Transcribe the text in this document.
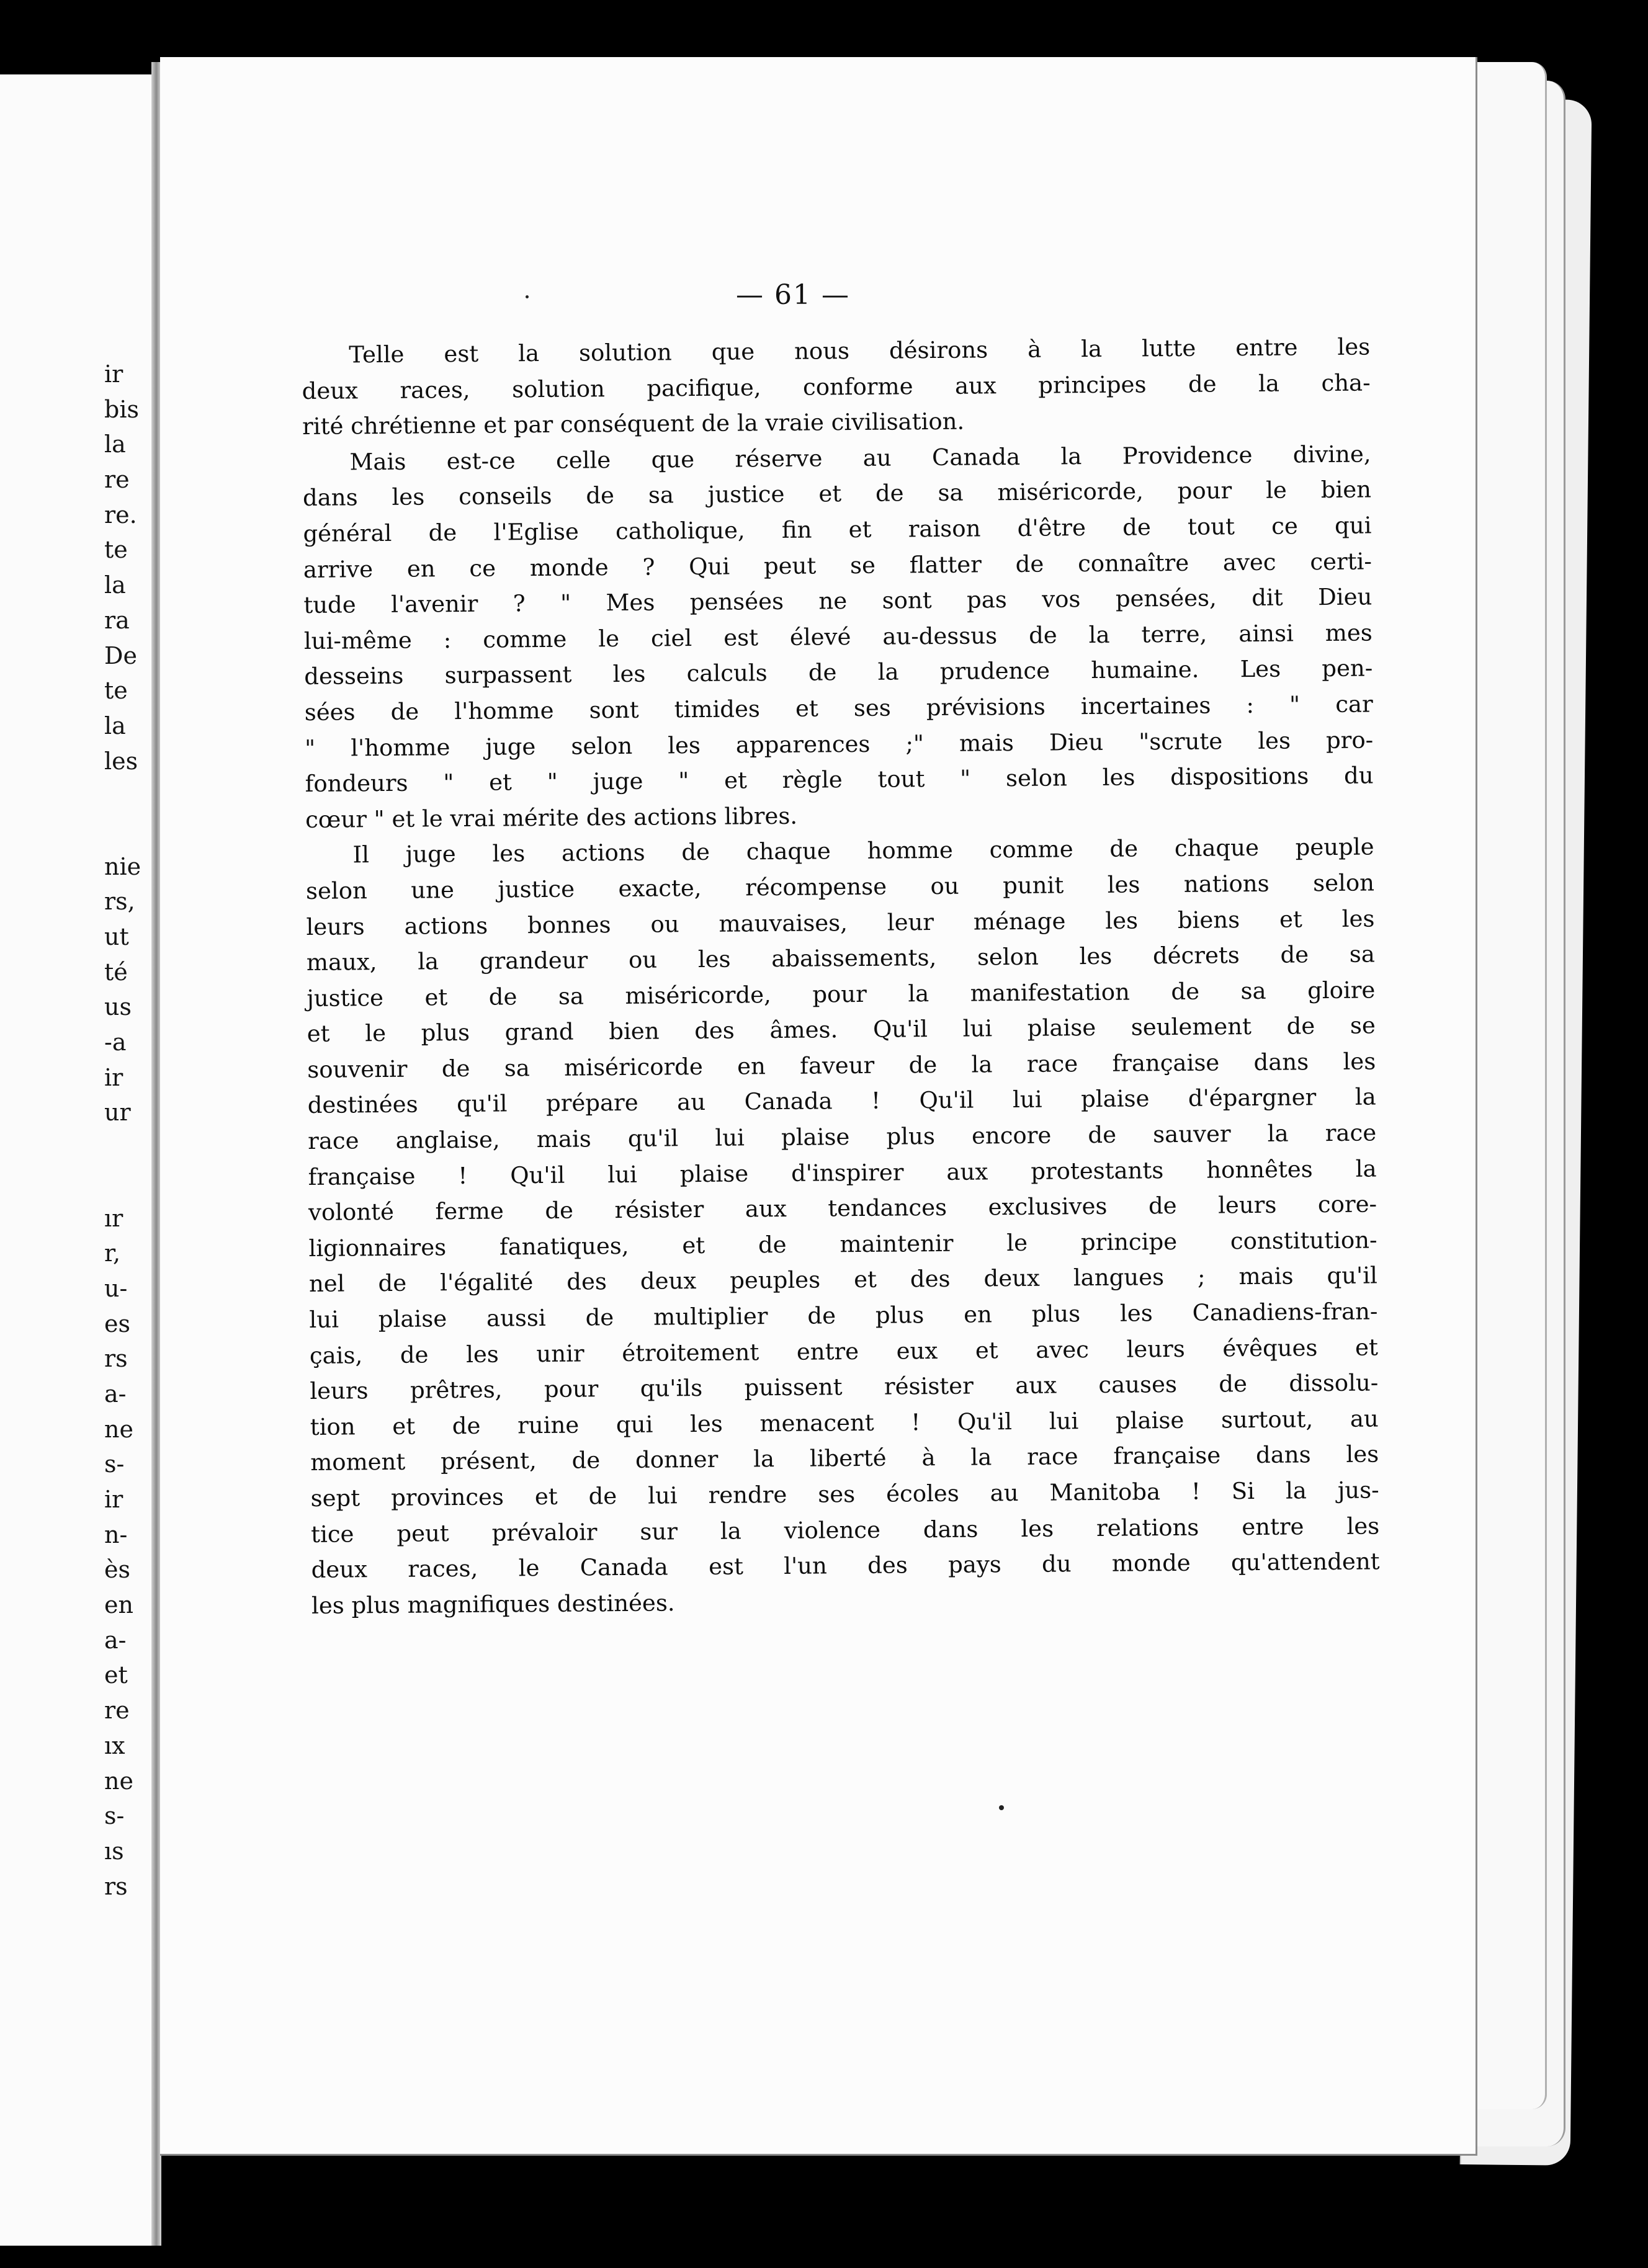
ir
bis
la
re
re.
te
la
ra
De
te
la
les
nie
rs,
ut
té
us
-a
ir
ur
ır
r,
u-
es
rs
a-
ne
s-
ir
n-
ès
en
a-
et
re
ıx
ne
s-
ıs
rs
— 61 —
Telle est la solution que nous désirons à la lutte entre les
deux races, solution pacifique, conforme aux principes de la cha-
rité chrétienne et par conséquent de la vraie civilisation.
Mais est-ce celle que réserve au Canada la Providence divine,
dans les conseils de sa justice et de sa miséricorde, pour le bien
général de l'Eglise catholique, fin et raison d'être de tout ce qui
arrive en ce monde ? Qui peut se flatter de connaître avec certi-
tude l'avenir ? " Mes pensées ne sont pas vos pensées, dit Dieu
lui-même : comme le ciel est élevé au-dessus de la terre, ainsi mes
desseins surpassent les calculs de la prudence humaine. Les pen-
sées de l'homme sont timides et ses prévisions incertaines : " car
" l'homme juge selon les apparences ;" mais Dieu "scrute les pro-
fondeurs " et " juge " et règle tout " selon les dispositions du
cœur " et le vrai mérite des actions libres.
Il juge les actions de chaque homme comme de chaque peuple
selon une justice exacte, récompense ou punit les nations selon
leurs actions bonnes ou mauvaises, leur ménage les biens et les
maux, la grandeur ou les abaissements, selon les décrets de sa
justice et de sa miséricorde, pour la manifestation de sa gloire
et le plus grand bien des âmes. Qu'il lui plaise seulement de se
souvenir de sa miséricorde en faveur de la race française dans les
destinées qu'il prépare au Canada ! Qu'il lui plaise d'épargner la
race anglaise, mais qu'il lui plaise plus encore de sauver la race
française ! Qu'il lui plaise d'inspirer aux protestants honnêtes la
volonté ferme de résister aux tendances exclusives de leurs core-
ligionnaires fanatiques, et de maintenir le principe constitution-
nel de l'égalité des deux peuples et des deux langues ; mais qu'il
lui plaise aussi de multiplier de plus en plus les Canadiens-fran-
çais, de les unir étroitement entre eux et avec leurs évêques et
leurs prêtres, pour qu'ils puissent résister aux causes de dissolu-
tion et de ruine qui les menacent ! Qu'il lui plaise surtout, au
moment présent, de donner la liberté à la race française dans les
sept provinces et de lui rendre ses écoles au Manitoba ! Si la jus-
tice peut prévaloir sur la violence dans les relations entre les
deux races, le Canada est l'un des pays du monde qu'attendent
les plus magnifiques destinées.
